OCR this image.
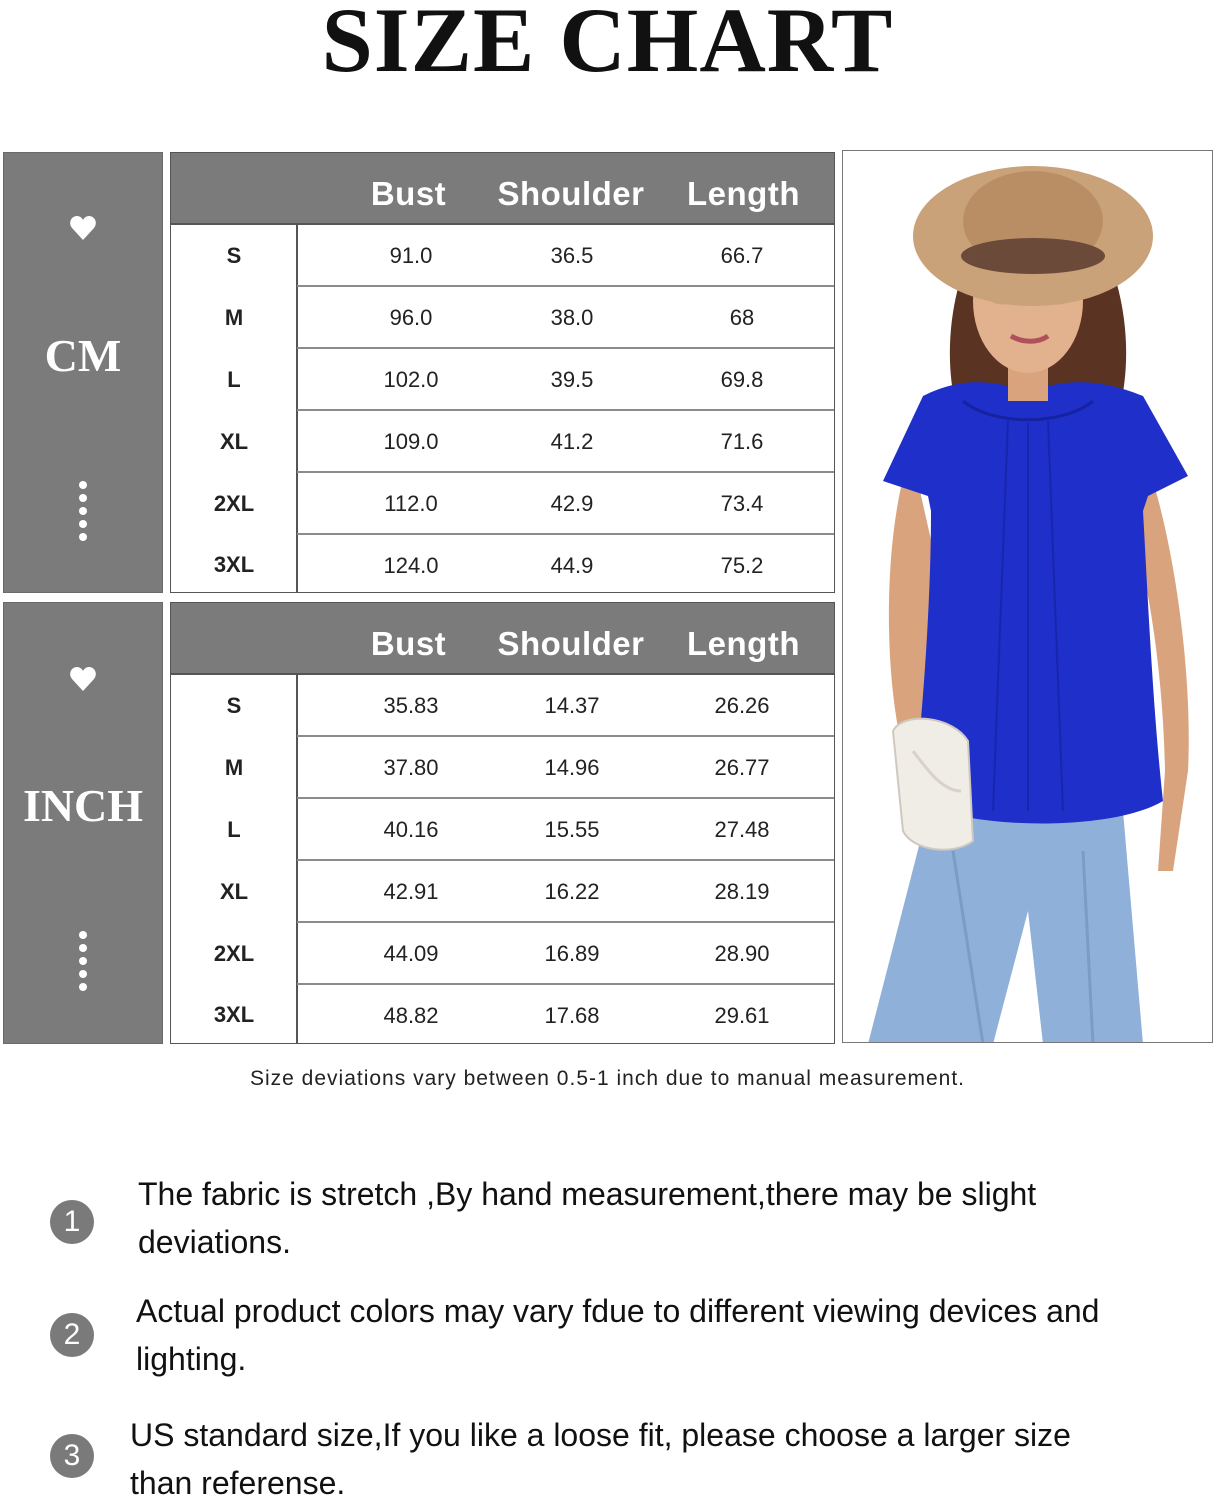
SIZE CHART
CM
Bust	Shoulder	Length
S	91.0	36.5	66.7
M	96.0	38.0	68
L	102.0	39.5	69.8
XL	109.0	41.2	71.6
2XL	112.0	42.9	73.4
3XL	124.0	44.9	75.2
INCH
Bust	Shoulder	Length
S	35.83	14.37	26.26
M	37.80	14.96	26.77
L	40.16	15.55	27.48
XL	42.91	16.22	28.19
2XL	44.09	16.89	28.90
3XL	48.82	17.68	29.61
Size deviations vary between 0.5-1 inch due to manual measurement.
1
The fabric is stretch ,By hand measurement,there may be slight deviations.
2
Actual product colors may vary fdue to different viewing devices and lighting.
3
US standard size,If you like a loose fit, please choose a larger size than referense.
